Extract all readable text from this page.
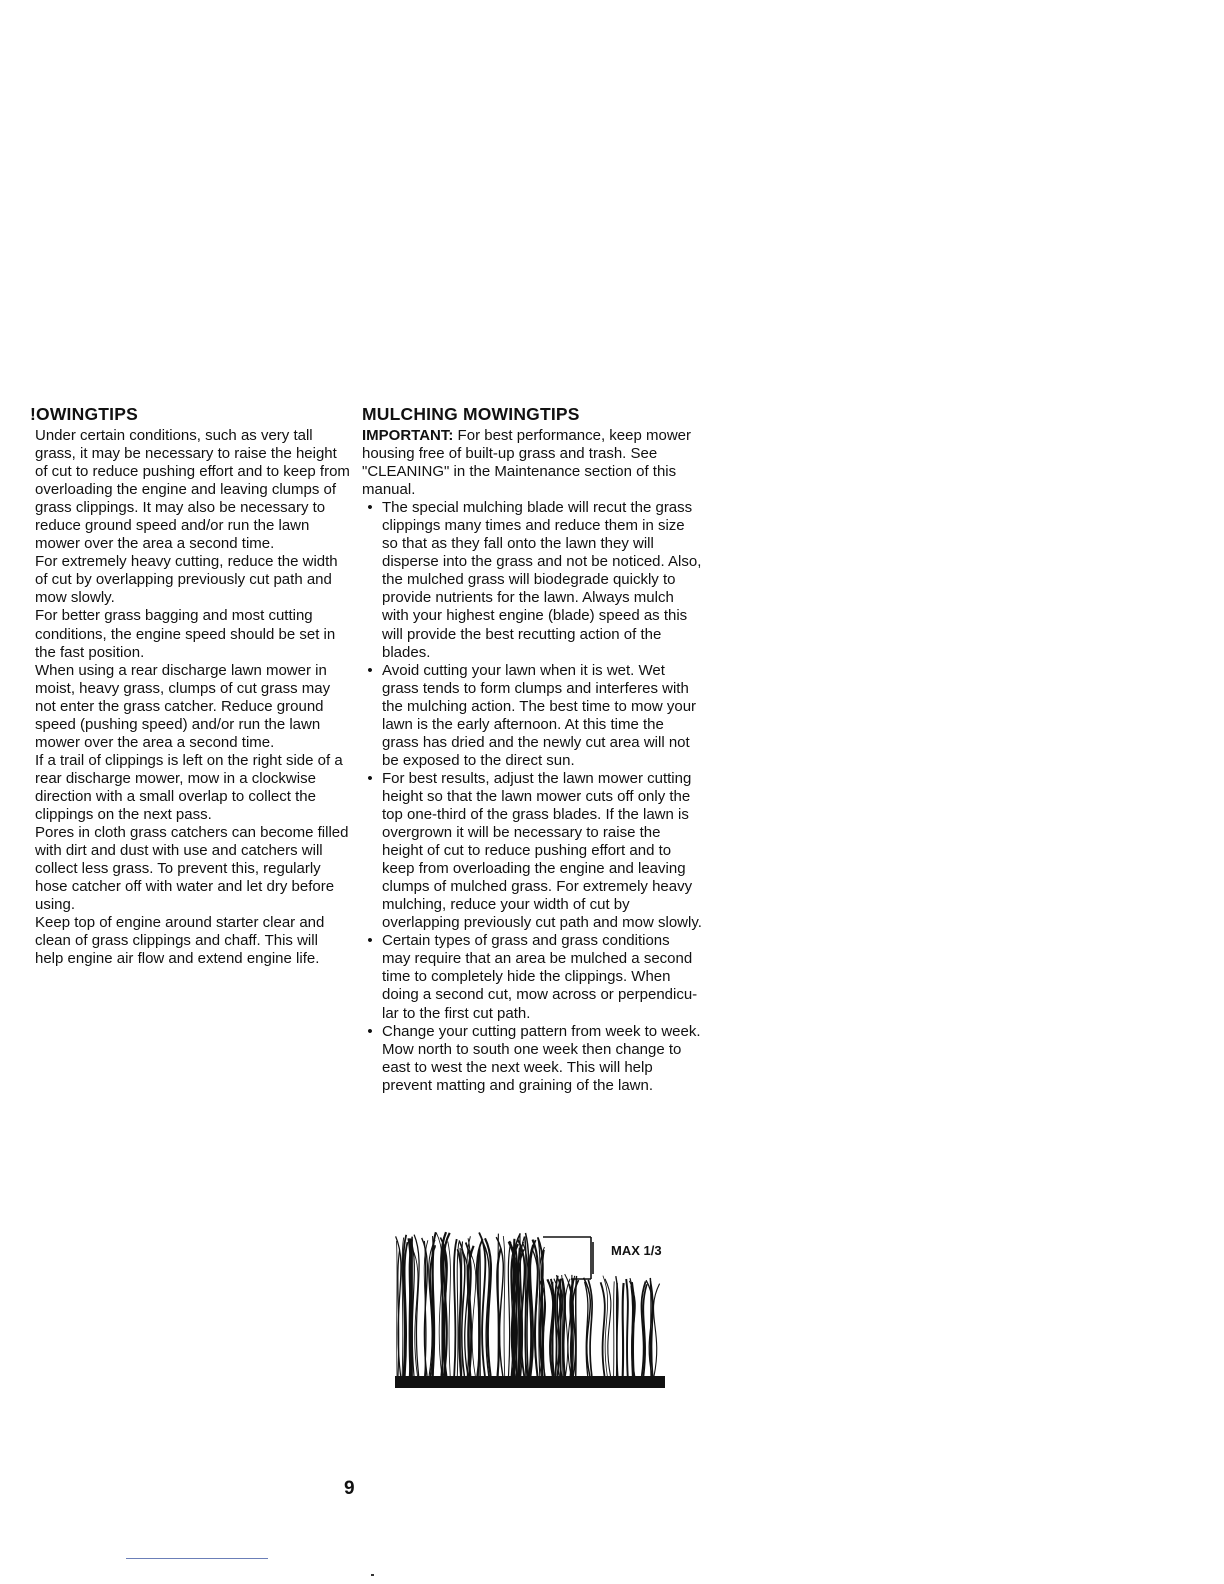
!OWINGTIPS

Under certain conditions, such as very tall grass, it may be necessary to raise the height of cut to reduce pushing effort and to keep from overloading the engine and leaving clumps of grass clippings. It may also be necessary to reduce ground speed and/or run the lawn mower over the area a second time.

For extremely heavy cutting, reduce the width of cut by overlapping previously cut path and mow slowly.

For better grass bagging and most cutting conditions, the engine speed should be set in the fast position.

When using a rear discharge lawn mower in moist, heavy grass, clumps of cut grass may not enter the grass catcher. Reduce ground speed (pushing speed) and/or run the lawn mower over the area a second time.

If a trail of clippings is left on the right side of a rear discharge mower, mow in a clockwise direction with a small overlap to collect the clippings on the next pass.

Pores in cloth grass catchers can become filled with dirt and dust with use and catchers will collect less grass. To prevent this, regularly hose catcher off with water and let dry before using.

Keep top of engine around starter clear and clean of grass clippings and chaff. This will help engine air flow and extend engine life.

MULCHING MOWINGTIPS

IMPORTANT: For best performance, keep mower housing free of built-up grass and trash. See "CLEANING" in the Maintenance section of this manual.

• The special mulching blade will recut the grass clippings many times and reduce them in size so that as they fall onto the lawn they will disperse into the grass and not be noticed. Also, the mulched grass will biodegrade quickly to provide nutrients for the lawn. Always mulch with your highest engine (blade) speed as this will provide the best recutting action of the blades.
• Avoid cutting your lawn when it is wet. Wet grass tends to form clumps and interferes with the mulching action. The best time to mow your lawn is the early afternoon. At this time the grass has dried and the newly cut area will not be exposed to the direct sun.
• For best results, adjust the lawn mower cutting height so that the lawn mower cuts off only the top one-third of the grass blades. If the lawn is overgrown it will be necessary to raise the height of cut to reduce pushing effort and to keep from overloading the engine and leaving clumps of mulched grass. For extremely heavy mulching, reduce your width of cut by overlapping previously cut path and mow slowly.
• Certain types of grass and grass conditions may require that an area be mulched a second time to completely hide the clippings. When doing a second cut, mow across or perpendicu-lar to the first cut path.
• Change your cutting pattern from week to week. Mow north to south one week then change to east to west the next week. This will help prevent matting and graining of the lawn.
MAX 1/3
9
